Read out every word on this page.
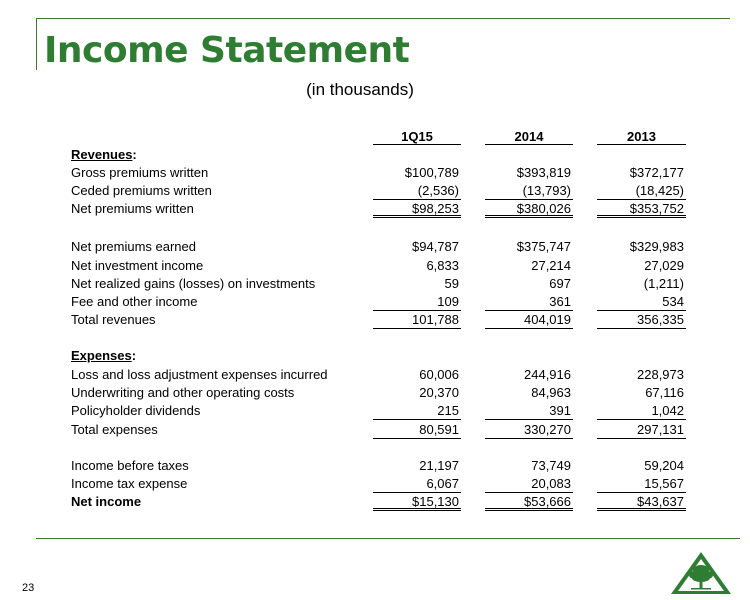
Income Statement
(in thousands)
1Q15	2014	2013
Revenues:
Gross premiums written	$100,789	$393,819	$372,177
Ceded premiums written	(2,536)	(13,793)	(18,425)
Net premiums written	$98,253	$380,026	$353,752
Net premiums earned	$94,787	$375,747	$329,983
Net investment income	6,833	27,214	27,029
Net realized gains (losses) on investments	59	697	(1,211)
Fee and other income	109	361	534
Total revenues	101,788	404,019	356,335
Expenses:
Loss and loss adjustment expenses incurred	60,006	244,916	228,973
Underwriting and other operating costs	20,370	84,963	67,116
Policyholder dividends	215	391	1,042
Total expenses	80,591	330,270	297,131
Income before taxes	21,197	73,749	59,204
Income tax expense	6,067	20,083	15,567
Net income	$15,130	$53,666	$43,637
23
